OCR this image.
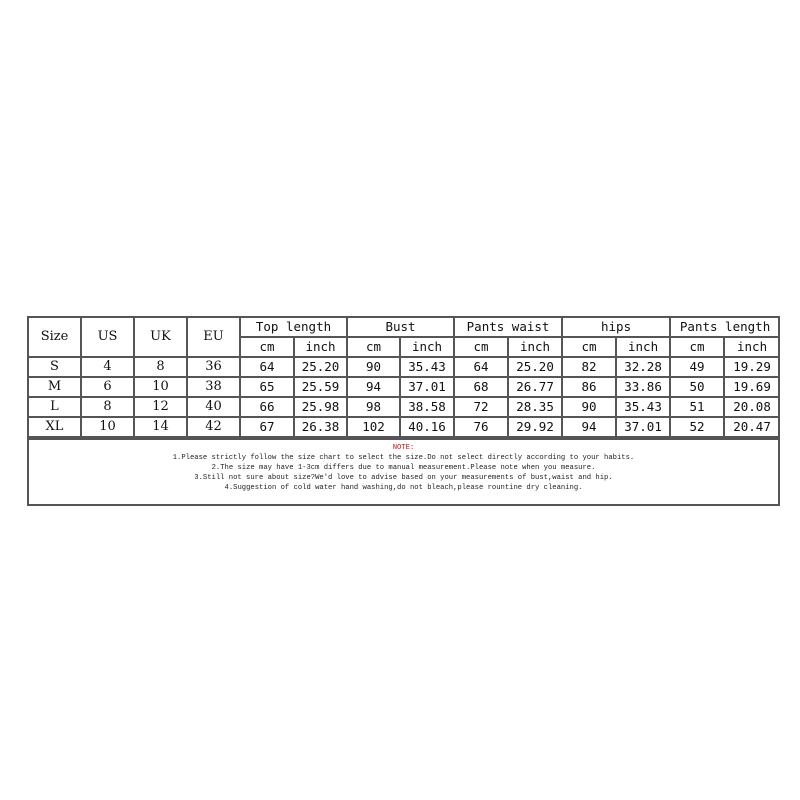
Size	US	UK	EU	Top length		Bust		Pants waist		hips		Pants length	
				cm	inch	cm	inch	cm	inch	cm	inch	cm	inch
S	4	8	36	64	25.20	90	35.43	64	25.20	82	32.28	49	19.29
M	6	10	38	65	25.59	94	37.01	68	26.77	86	33.86	50	19.69
L	8	12	40	66	25.98	98	38.58	72	28.35	90	35.43	51	20.08
XL	10	14	42	67	26.38	102	40.16	76	29.92	94	37.01	52	20.47
NOTE:
1.Please strictly follow the size chart to select the size.Do not select directly according to your habits.
2.The size may have 1-3cm differs due to manual measurement.Please note when you measure.
3.Still not sure about size?We'd love to advise based on your measurements of bust,waist and hip.
4.Suggestion of cold water hand washing,do not bleach,please rountine dry cleaning.
